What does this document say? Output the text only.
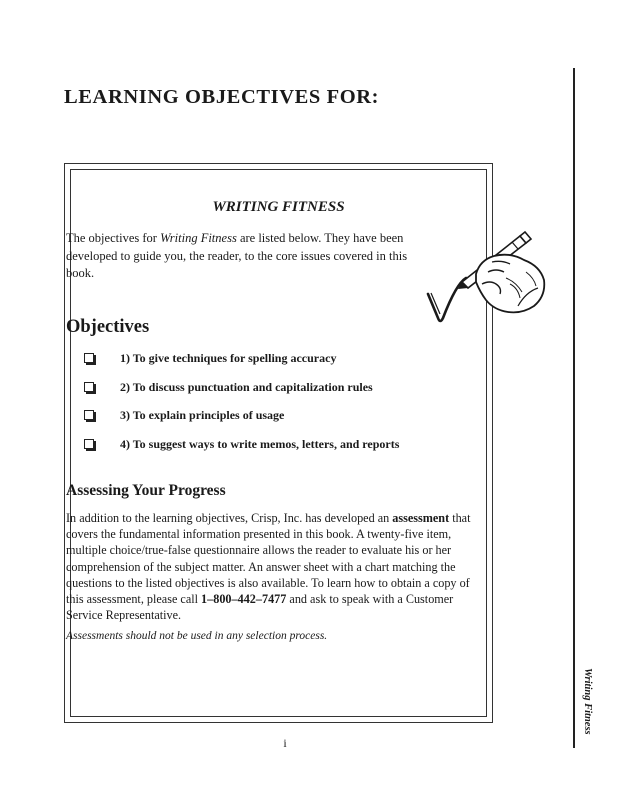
LEARNING OBJECTIVES FOR:
Writing Fitness
WRITING FITNESS
The objectives for Writing Fitness are listed below. They have been developed to guide you, the reader, to the core issues covered in this book.
Objectives
1) To give techniques for spelling accuracy
2) To discuss punctuation and capitalization rules
3) To explain principles of usage
4) To suggest ways to write memos, letters, and reports
Assessing Your Progress

In addition to the learning objectives, Crisp, Inc. has developed an assessment that covers the fundamental information presented in this book. A twenty-five item, multiple choice/true-false questionnaire allows the reader to evaluate his or her comprehension of the subject matter. An answer sheet with a chart matching the questions to the listed objectives is also available. To learn how to obtain a copy of this assessment, please call 1–800–442–7477 and ask to speak with a Customer Service Representative.

Assessments should not be used in any selection process.
i
